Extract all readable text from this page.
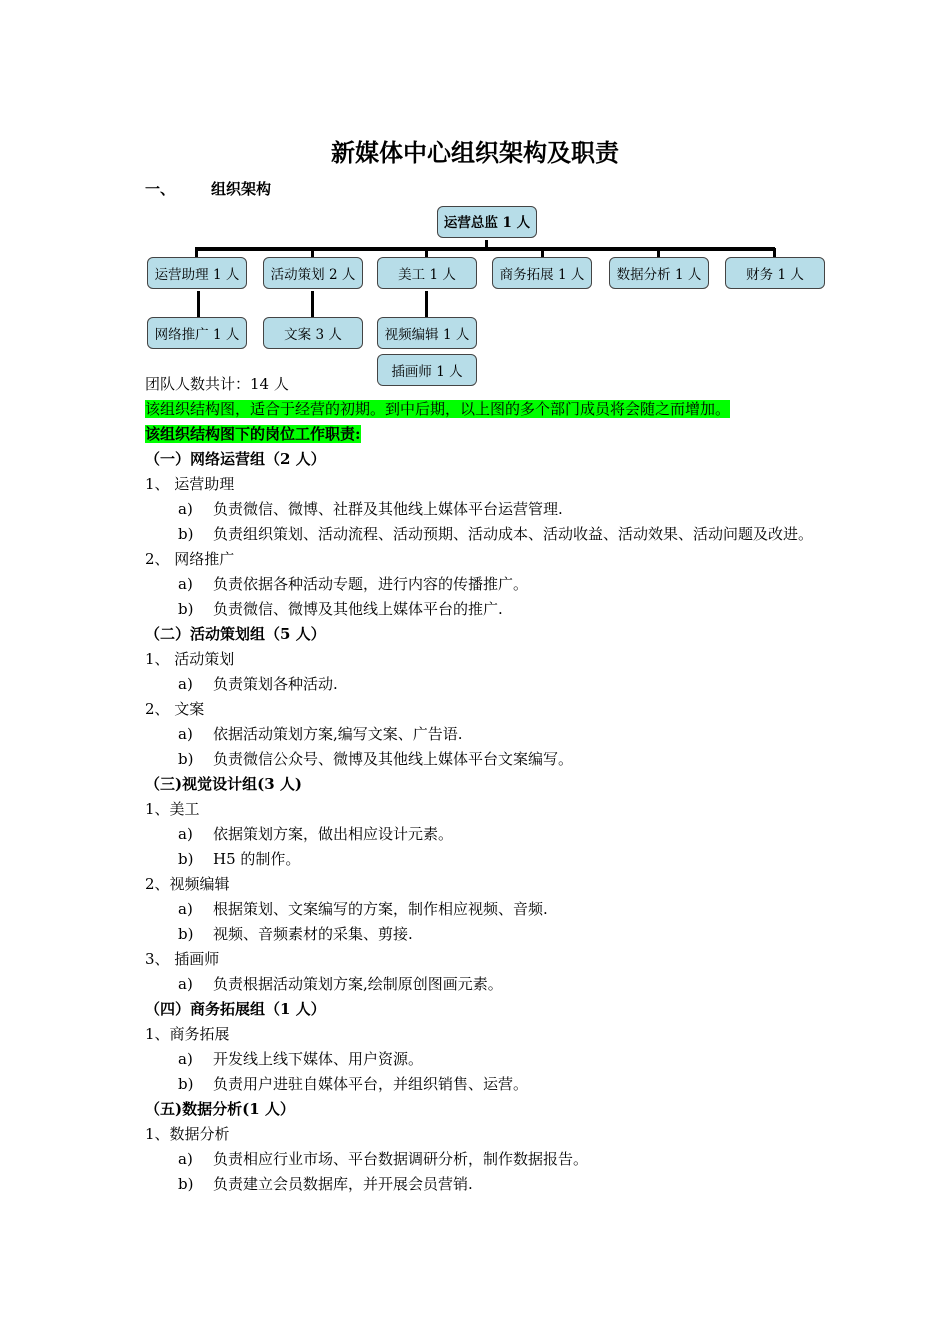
新媒体中心组织架构及职责
一、 组织架构
运营总监 1 人
运营助理 1 人	活动策划 2 人	美工 1 人	商务拓展 1 人	数据分析 1 人	财务 1 人
网络推广 1 人	文案 3 人	视频编辑 1 人
插画师 1 人
团队人数共计：14 人
该组织结构图，适合于经营的初期。到中后期，以上图的多个部门成员将会随之而增加。
该组织结构图下的岗位工作职责:
（一）网络运营组（2 人）
1、 运营助理
a)	负责微信、微博、社群及其他线上媒体平台运营管理.
b)	负责组织策划、活动流程、活动预期、活动成本、活动收益、活动效果、活动问题及改进。
2、 网络推广
a)	负责依据各种活动专题，进行内容的传播推广。
b)	负责微信、微博及其他线上媒体平台的推广.
（二）活动策划组（5 人）
1、 活动策划
a)	负责策划各种活动.
2、 文案
a)	依据活动策划方案,编写文案、广告语.
b)	负责微信公众号、微博及其他线上媒体平台文案编写。
（三)视觉设计组(3 人)
1、美工
a)	依据策划方案，做出相应设计元素。
b)	H5 的制作。
2、视频编辑
a)	根据策划、文案编写的方案，制作相应视频、音频.
b)	视频、音频素材的采集、剪接.
3、 插画师
a)	负责根据活动策划方案,绘制原创图画元素。
（四）商务拓展组（1 人）
1、商务拓展
a)	开发线上线下媒体、用户资源。
b)	负责用户进驻自媒体平台，并组织销售、运营。
（五)数据分析(1 人）
1、数据分析
a)	负责相应行业市场、平台数据调研分析，制作数据报告。
b)	负责建立会员数据库，并开展会员营销.
